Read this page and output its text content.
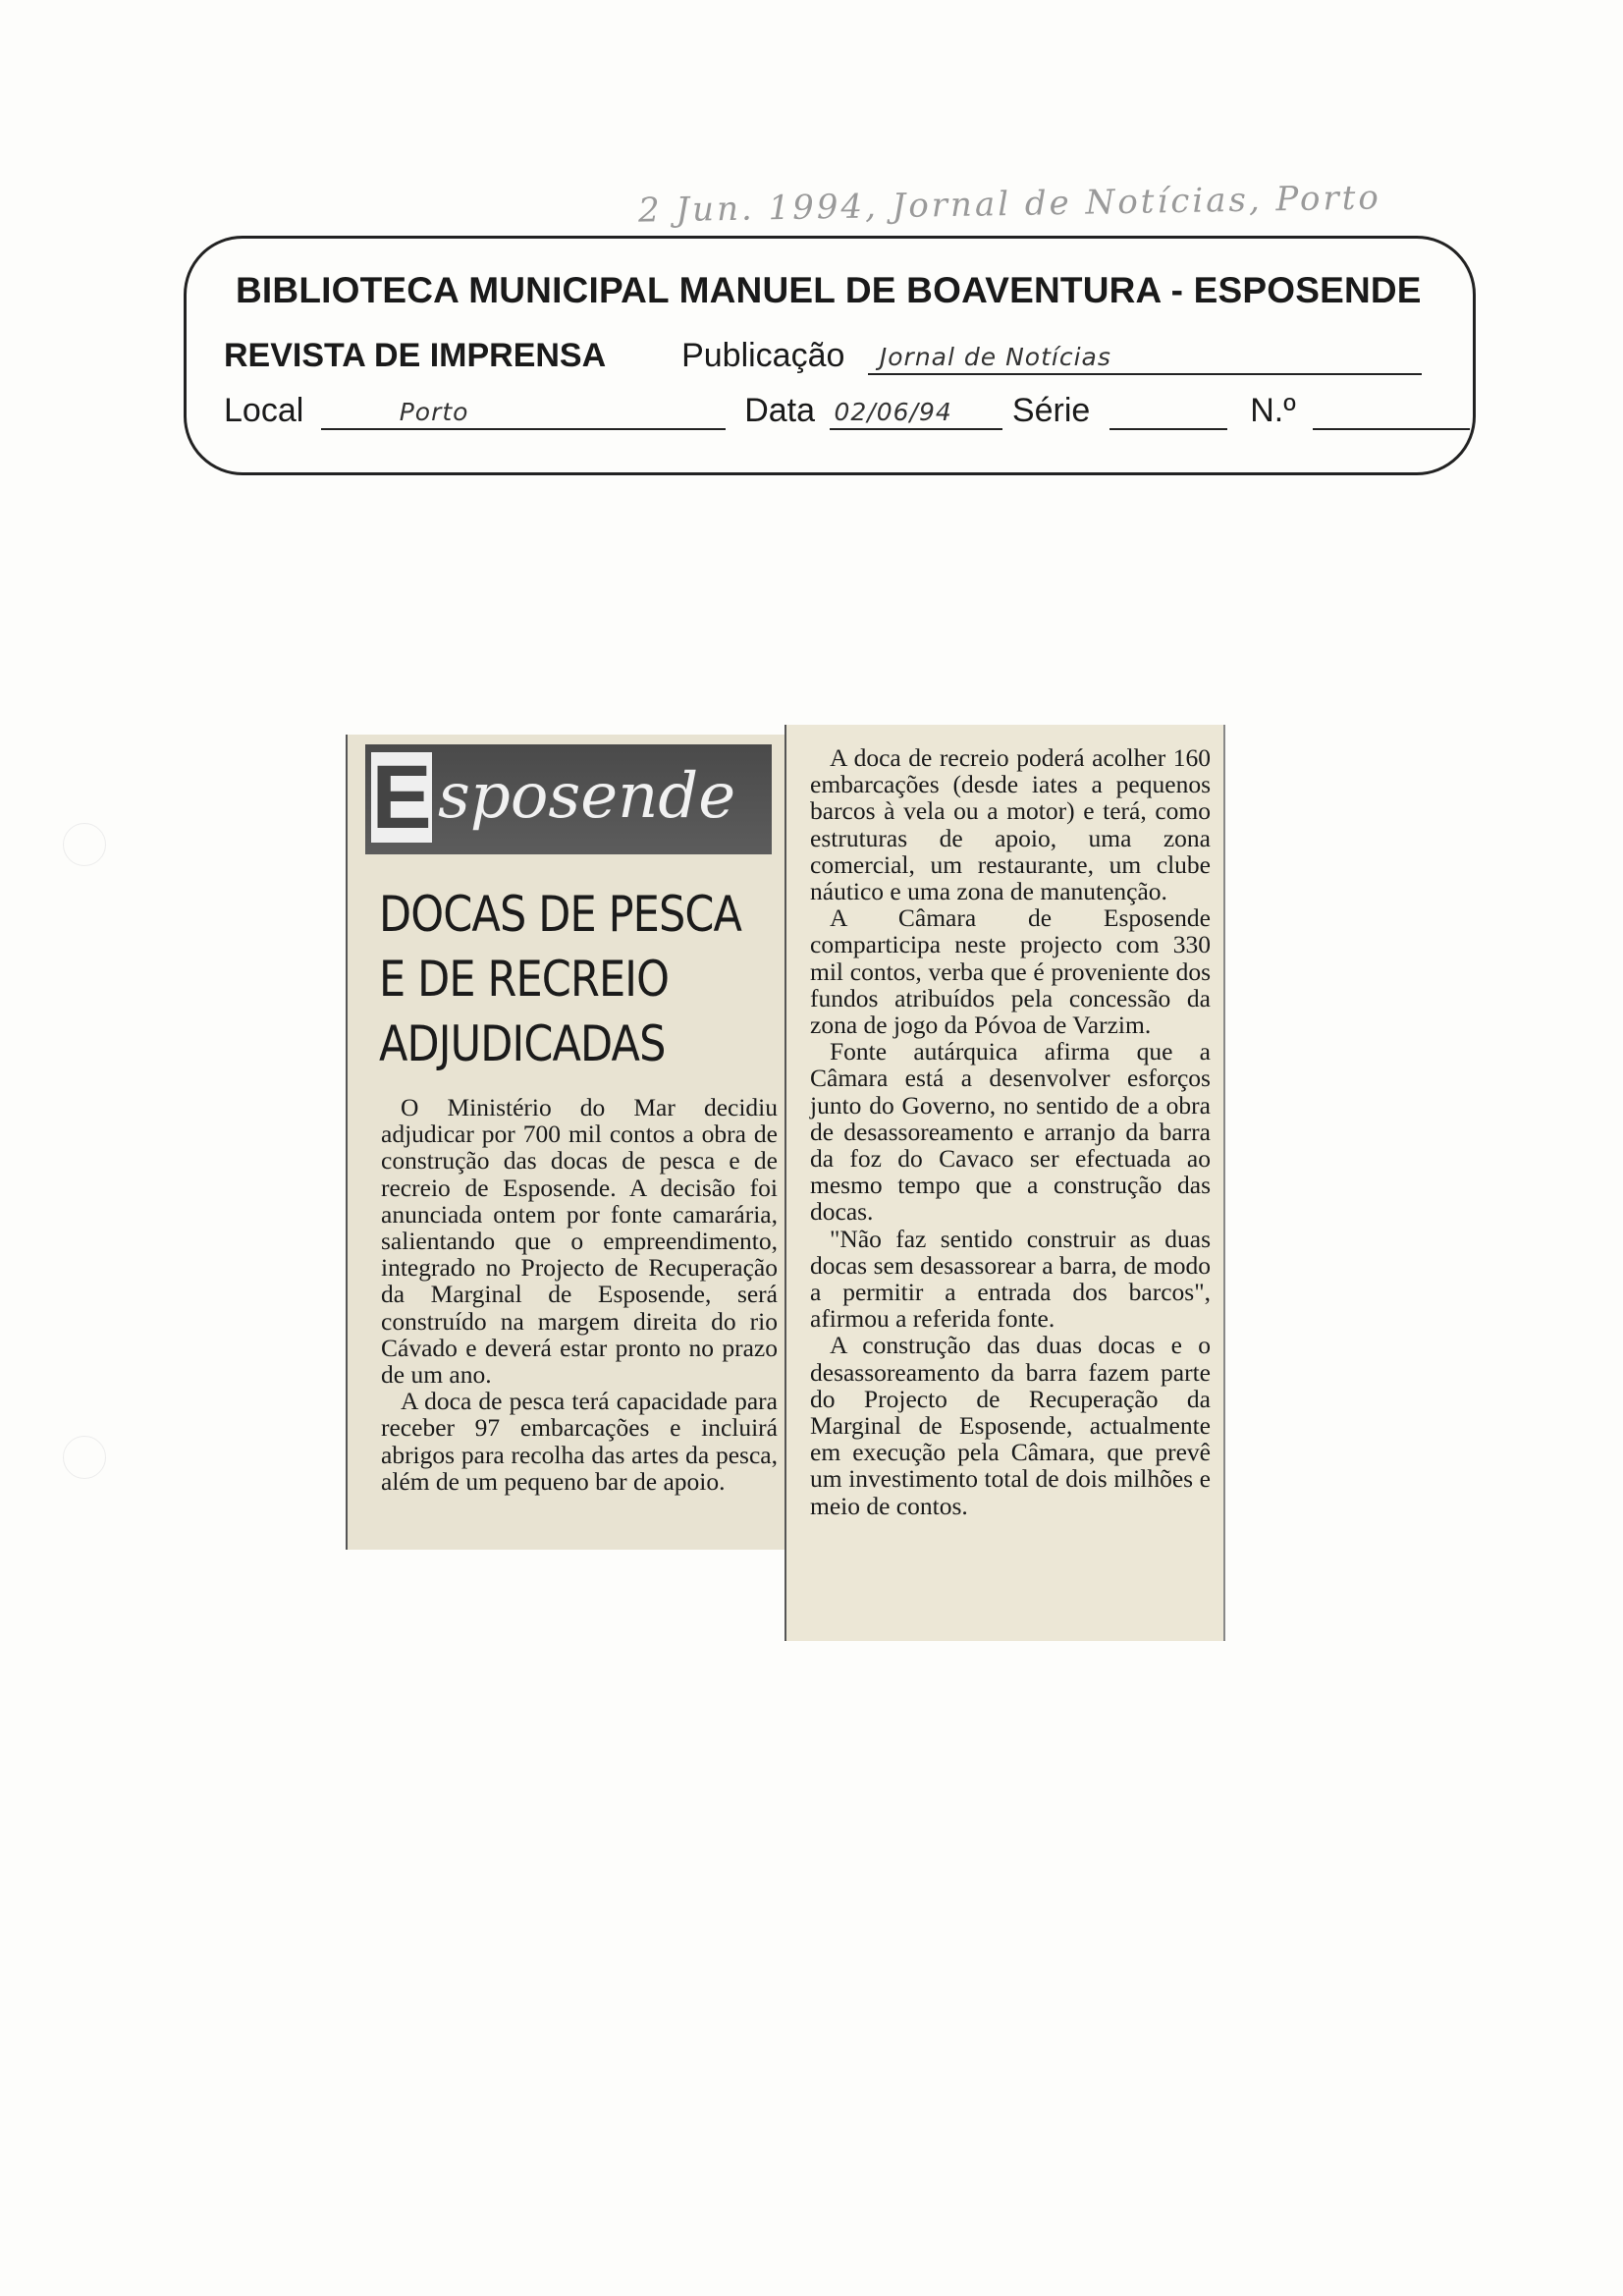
2 Jun. 1994, Jornal de Notícias, Porto
BIBLIOTECA MUNICIPAL MANUEL DE BOAVENTURA - ESPOSENDE
REVISTA DE IMPRENSA Publicação Jornal de Notícias
Local	Porto	Data 02/06/94 Série	N.º
E sposende
DOCAS DE PESCA
E DE RECREIO
ADJUDICADAS

O Ministério do Mar decidiu adjudicar por 700 mil contos a obra de construção das docas de pesca e de recreio de Esposende. A decisão foi anunciada ontem por fonte camarária, salientando que o empreendimento, integrado no Projecto de Recuperação da Marginal de Esposende, será construído na margem direita do rio Cávado e deverá estar pronto no prazo de um ano.

A doca de pesca terá capacidade para receber 97 embarcações e incluirá abrigos para recolha das artes da pesca, além de um pequeno bar de apoio.

A doca de recreio poderá acolher 160 embarcações (desde iates a pequenos barcos à vela ou a motor) e terá, como estruturas de apoio, uma zona comercial, um restaurante, um clube náutico e uma zona de manutenção.

A Câmara de Esposende comparticipa neste projecto com 330 mil contos, verba que é proveniente dos fundos atribuídos pela concessão da zona de jogo da Póvoa de Varzim.

Fonte autárquica afirma que a Câmara está a desenvolver esforços junto do Governo, no sentido de a obra de desassoreamento e arranjo da barra da foz do Cavaco ser efectuada ao mesmo tempo que a construção das docas.

"Não faz sentido construir as duas docas sem desassorear a barra, de modo a permitir a entrada dos barcos", afirmou a referida fonte.

A construção das duas docas e o desassoreamento da barra fazem parte do Projecto de Recuperação da Marginal de Esposende, actualmente em execução pela Câmara, que prevê um investimento total de dois milhões e meio de contos.
